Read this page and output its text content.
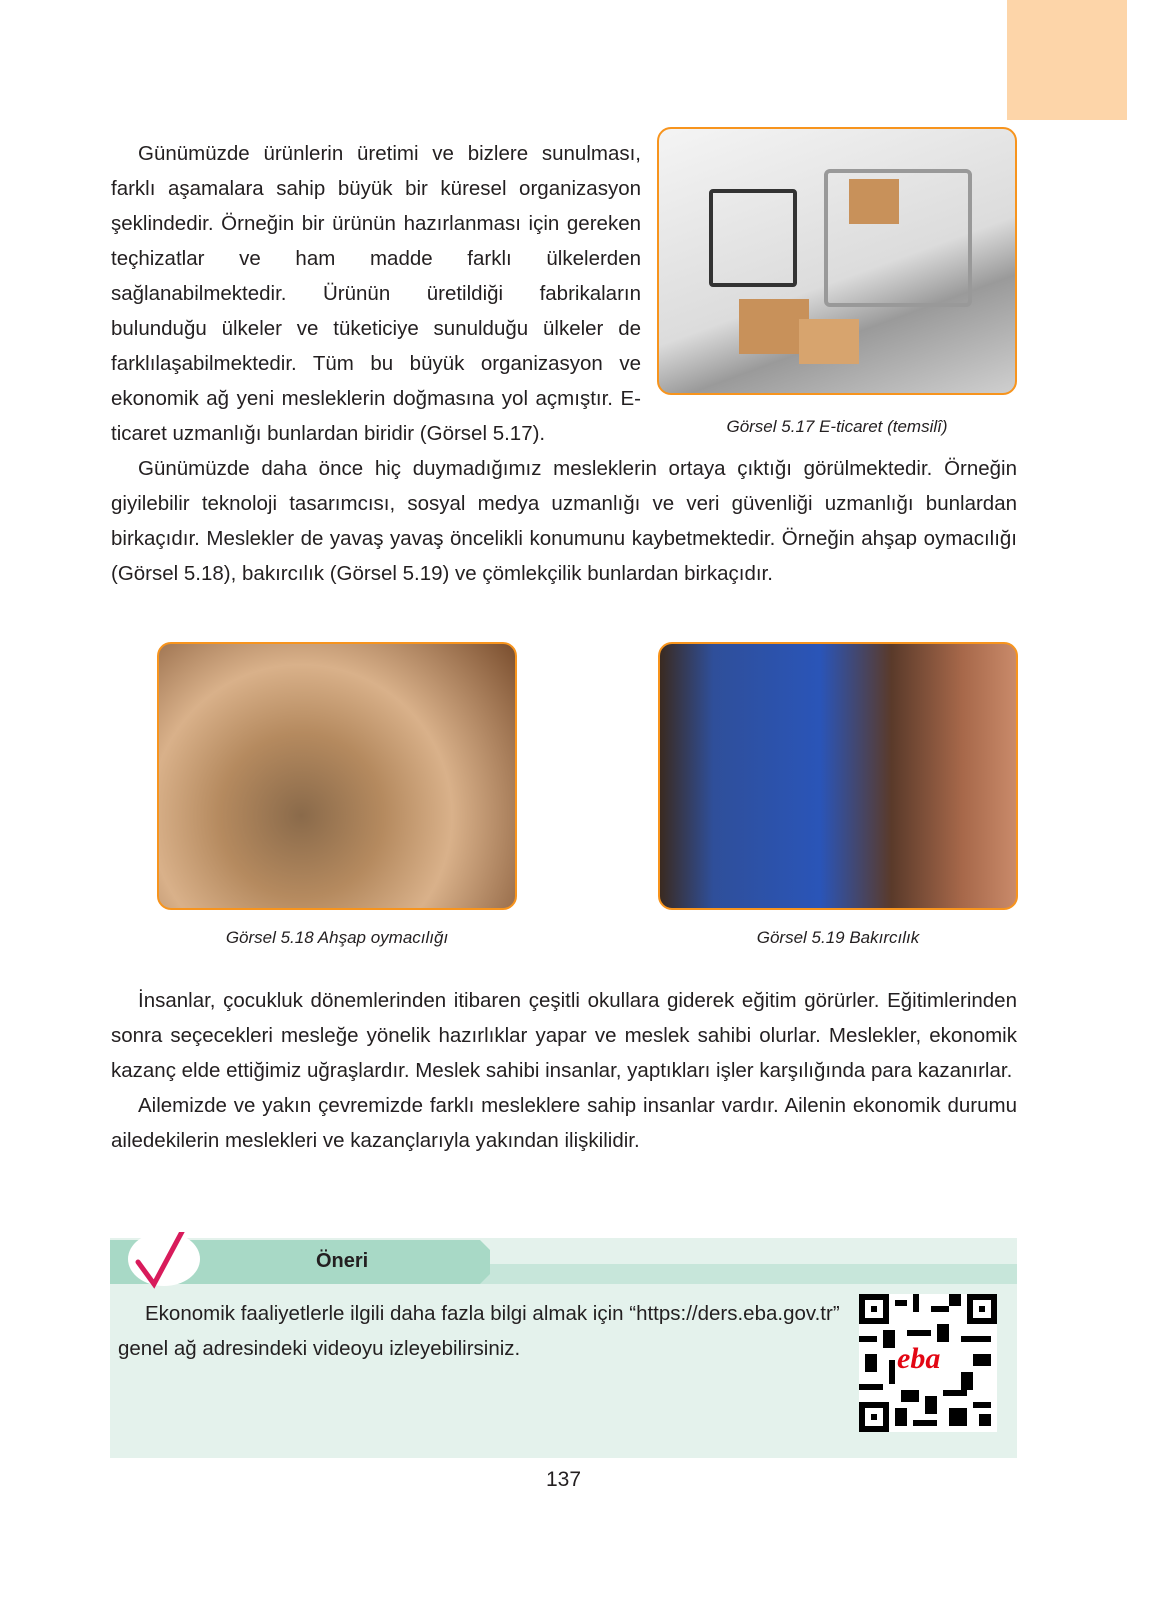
Görsel 5.17 E-ticaret (temsilî)

Günümüzde ürünlerin üretimi ve bizlere sunulması, farklı aşamalara sahip büyük bir küresel organizasyon şeklindedir. Örneğin bir ürünün hazırlanması için gereken teçhizatlar ve ham madde farklı ülkelerden sağlanabilmektedir. Ürünün üretildiği fabrikaların bulunduğu ülkeler ve tüketiciye sunulduğu ülkeler de farklılaşabilmektedir. Tüm bu büyük organizasyon ve ekonomik ağ yeni mesleklerin doğmasına yol açmıştır. E-ticaret uzmanlığı bunlardan biridir (Görsel 5.17).

Günümüzde daha önce hiç duymadığımız mesleklerin ortaya çıktığı görülmektedir. Örneğin giyilebilir teknoloji tasarımcısı, sosyal medya uzmanlığı ve veri güvenliği uzmanlığı bunlardan birkaçıdır. Meslekler de yavaş yavaş öncelikli konumunu kaybetmektedir. Örneğin ahşap oymacılığı (Görsel 5.18), bakırcılık (Görsel 5.19) ve çömlekçilik bunlardan birkaçıdır.

Görsel 5.18 Ahşap oymacılığı	Görsel 5.19 Bakırcılık

İnsanlar, çocukluk dönemlerinden itibaren çeşitli okullara giderek eğitim görürler. Eğitimlerinden sonra seçecekleri mesleğe yönelik hazırlıklar yapar ve meslek sahibi olurlar. Meslekler, ekonomik kazanç elde ettiğimiz uğraşlardır. Meslek sahibi insanlar, yaptıkları işler karşılığında para kazanırlar.

Ailemizde ve yakın çevremizde farklı mesleklere sahip insanlar vardır. Ailenin ekonomik durumu ailedekilerin meslekleri ve kazançlarıyla yakından ilişkilidir.

Öneri

Ekonomik faaliyetlerle ilgili daha fazla bilgi almak için “https://ders.eba.gov.tr” genel ağ adresindeki videoyu izleyebilirsiniz.	eba
137
